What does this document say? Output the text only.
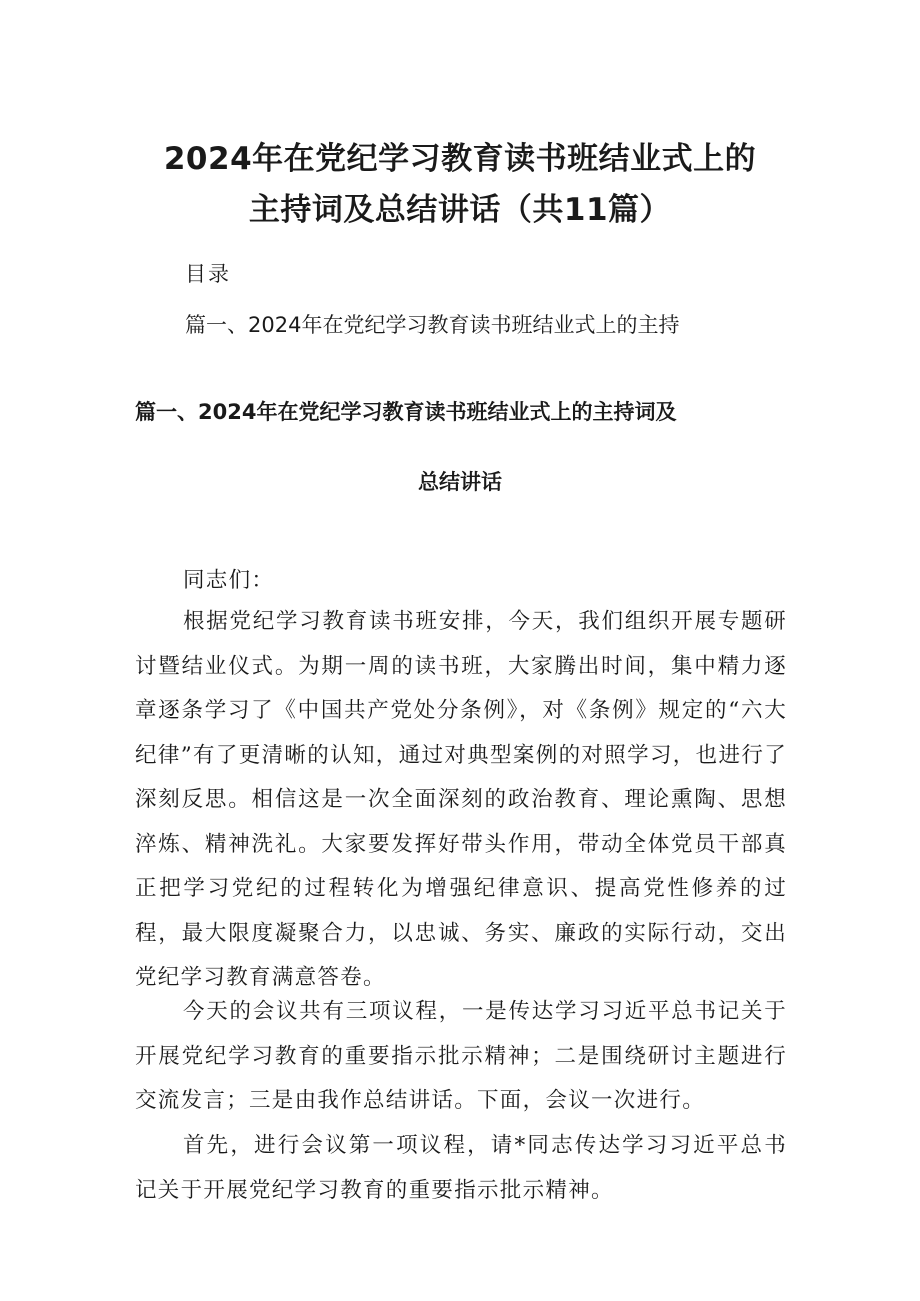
2024年在党纪学习教育读书班结业式上的
主持词及总结讲话（共11篇）
目录
篇一、2024年在党纪学习教育读书班结业式上的主持
篇一、2024年在党纪学习教育读书班结业式上的主持词及
总结讲话
同志们：

根据党纪学习教育读书班安排，今天，我们组织开展专题研讨暨结业仪式。为期一周的读书班，大家腾出时间，集中精力逐章逐条学习了《中国共产党处分条例》，对《条例》规定的“六大纪律”有了更清晰的认知，通过对典型案例的对照学习，也进行了深刻反思。相信这是一次全面深刻的政治教育、理论熏陶、思想淬炼、精神洗礼。大家要发挥好带头作用，带动全体党员干部真正把学习党纪的过程转化为增强纪律意识、提高党性修养的过程，最大限度凝聚合力，以忠诚、务实、廉政的实际行动，交出党纪学习教育满意答卷。

今天的会议共有三项议程，一是传达学习习近平总书记关于开展党纪学习教育的重要指示批示精神；二是围绕研讨主题进行交流发言；三是由我作总结讲话。下面，会议一次进行。

首先，进行会议第一项议程，请*同志传达学习习近平总书记关于开展党纪学习教育的重要指示批示精神。
